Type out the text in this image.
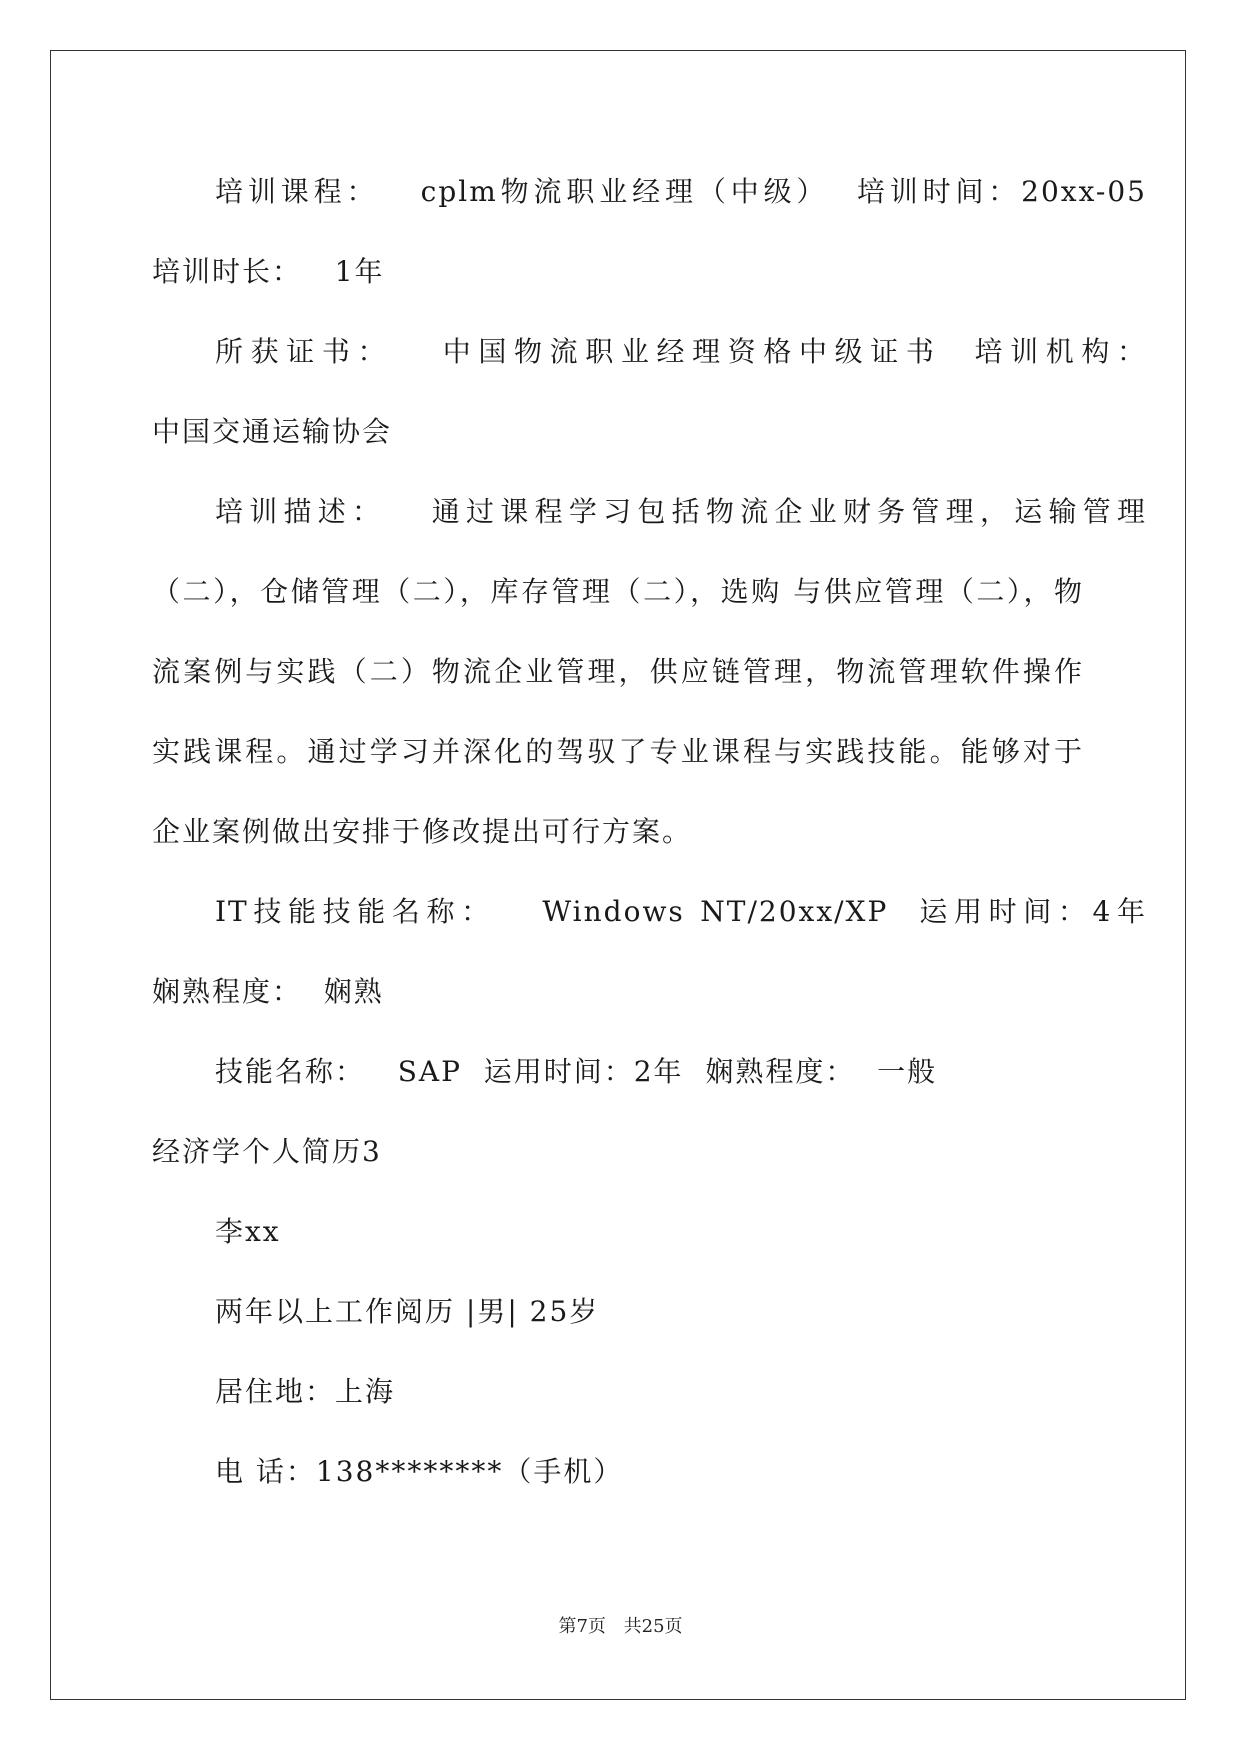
培训课程：   cplm物流职业经理（中级）  培训时间：20xx-05
培训时长：   1年
所获证书：   中国物流职业经理资格中级证书  培训机构：
中国交通运输协会
培训描述：   通过课程学习包括物流企业财务管理，运输管理
（二），仓储管理（二），库存管理（二），选购 与供应管理（二），物
流案例与实践（二）物流企业管理，供应链管理，物流管理软件操作
实践课程。通过学习并深化的驾驭了专业课程与实践技能。能够对于
企业案例做出安排于修改提出可行方案。
IT技能技能名称：   Windows NT/20xx/XP  运用时间：4年
娴熟程度：  娴熟
技能名称：   SAP  运用时间：2年  娴熟程度：  一般
经济学个人简历3
李xx
两年以上工作阅历 |男| 25岁
居住地：上海
电 话：138********（手机）
第7页 共25页
